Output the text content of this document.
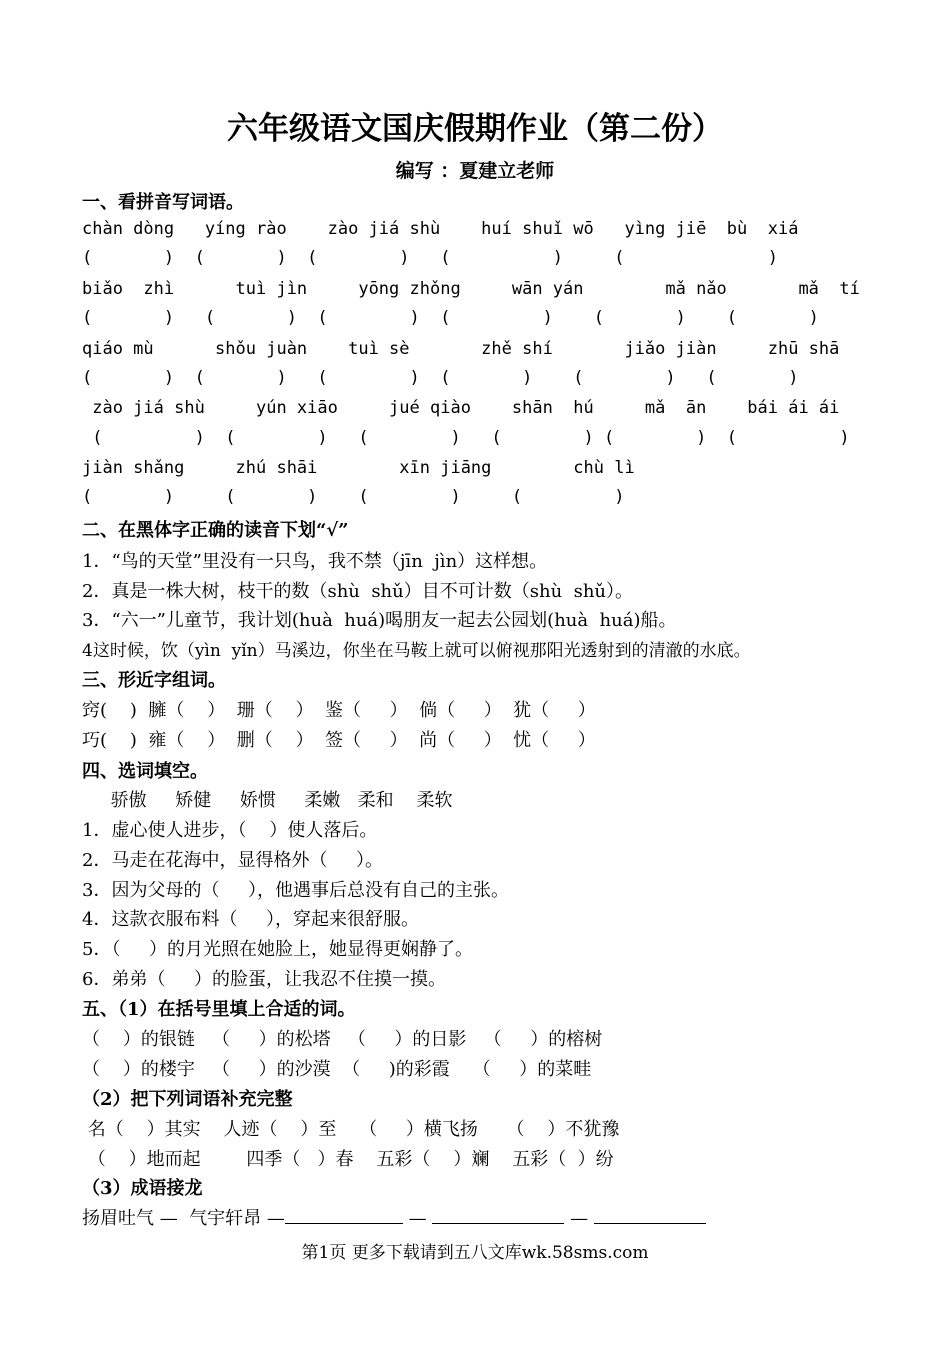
六年级语文国庆假期作业（第二份）
编写 ：夏建立老师
一、看拼音写词语。
chàn dòng   yíng rào    zào jiá shù    huí shuǐ wō   yìng jiē  bù  xiá
(       )  (       )  (        )   (          )     (              )
biǎo  zhì      tuì jìn     yōng zhǒng     wān yán        mǎ nǎo       mǎ  tí
(       )   (       )  (        )  (         )    (       )    (       )
qiáo mù      shǒu juàn    tuì sè       zhě shí       jiǎo jiàn     zhū shā
(       )  (       )   (        )  (       )    (        )   (       )
zào jiá shù     yún xiāo     jué qiào    shān  hú     mǎ  ān    bái ái ái
(         )  (        )   (        )   (        ) (        )  (          )
jiàn shǎng     zhú shāi        xīn jiāng        chù lì
(       )     (       )    (        )     (         )
二、在黑体字正确的读音下划“√”
1．“鸟的天堂”里没有一只鸟，我不禁（jīn  jìn）这样想。
2．真是一株大树，枝干的数（shù  shǔ）目不可计数（shù  shǔ）。
3．“六一”儿童节，我计划(huà  huá)喝朋友一起去公园划(huà  huá)船。
4这时候，饮（yìn  yǐn）马溪边，你坐在马鞍上就可以俯视那阳光透射到的清澈的水底。
三、形近字组词。
窍(    )  臃（    ）  珊（    ）  鉴（     ）  倘（     ）  犹（     ）
巧(    )  雍（    ）  删（    ）  签（     ）  尚（     ）  忧（     ）
四、选词填空。
骄傲     矫健     娇惯     柔嫩   柔和    柔软
1．虚心使人进步，（    ）使人落后。
2．马走在花海中，显得格外（     ）。
3．因为父母的（     ），他遇事后总没有自己的主张。
4．这款衣服布料（     ），穿起来很舒服。
5．（     ）的月光照在她脸上，她显得更娴静了。
6．弟弟（     ）的脸蛋，让我忍不住摸一摸。
五、（1）在括号里填上合适的词。
（    ）的银链   （     ）的松塔   （     ）的日影   （     ）的榕树
（    ）的楼宇   （     ）的沙漠  （     )的彩霞    （     ）的菜畦
（2）把下列词语补充完整
名（    ）其实    人迹（    ）至    （     ）横飞扬     （    ）不犹豫
（    ）地而起        四季（   ）春    五彩（    ）斓    五彩（  ）纷
（3）成语接龙
扬眉吐气 —  气宇轩昂 —	—	—
第1页 更多下载请到五八文库wk.58sms.com
